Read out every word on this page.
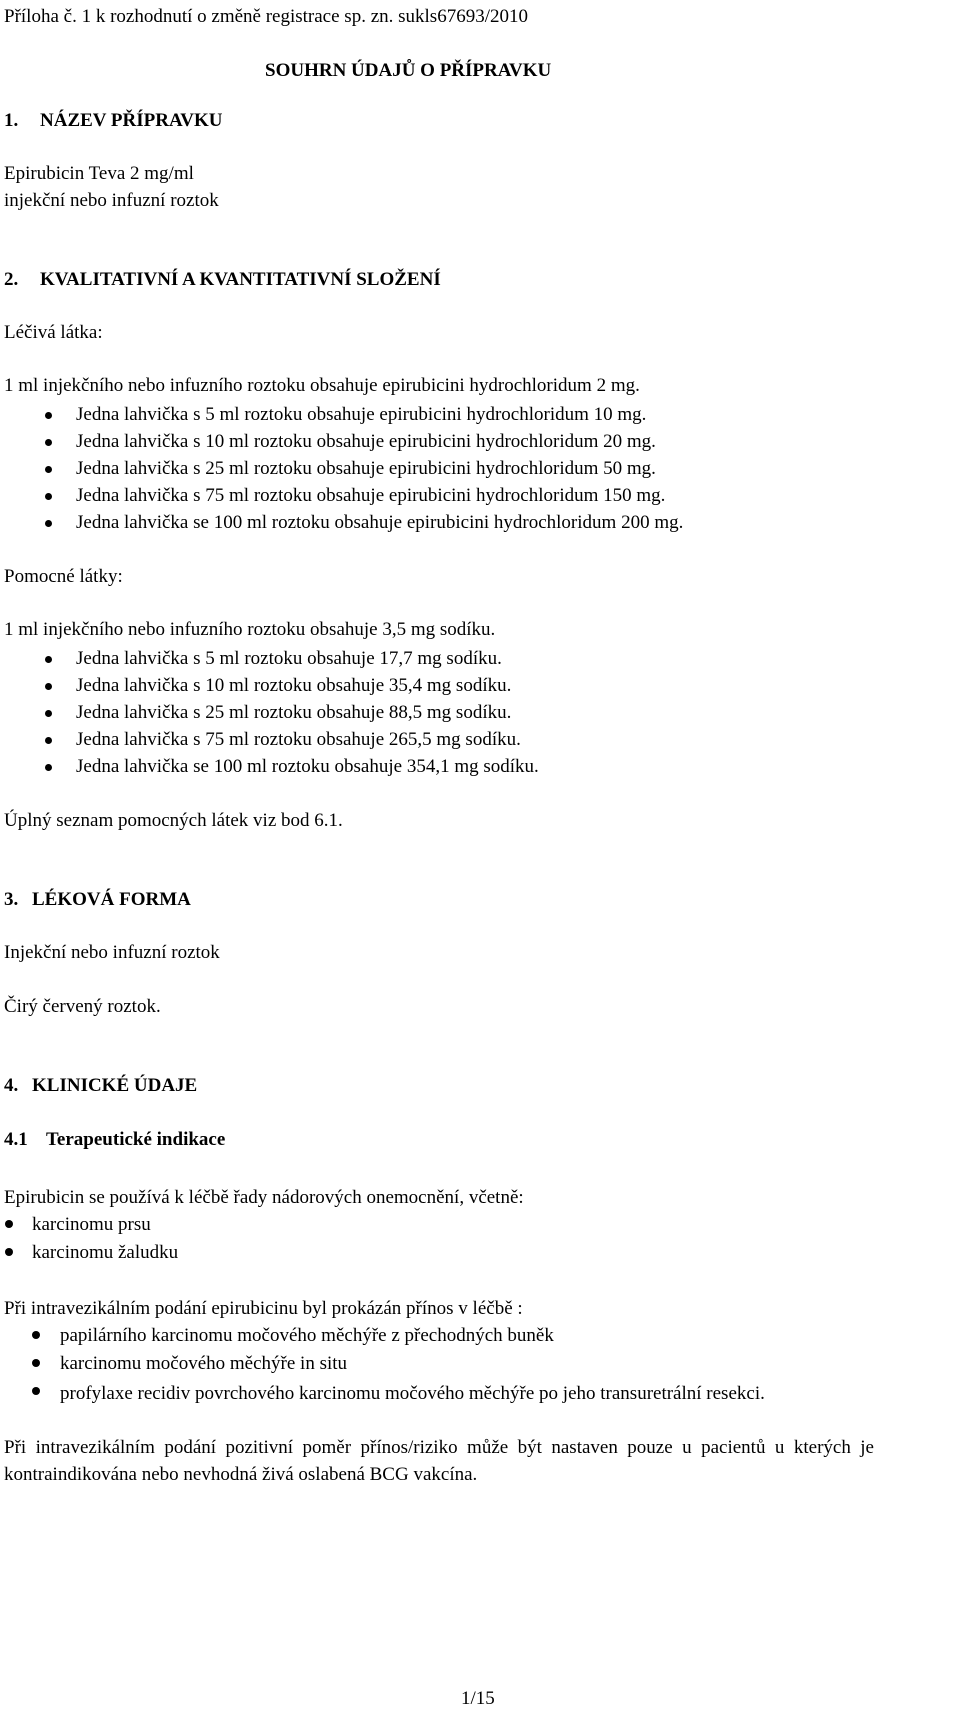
Příloha č. 1 k rozhodnutí o změně registrace sp. zn. sukls67693/2010
SOUHRN ÚDAJŮ O PŘÍPRAVKU
1. NÁZEV PŘÍPRAVKU
Epirubicin Teva 2 mg/ml
injekční nebo infuzní roztok
2. KVALITATIVNÍ A KVANTITATIVNÍ SLOŽENÍ
Léčivá látka:
1 ml injekčního nebo infuzního roztoku obsahuje epirubicini hydrochloridum 2 mg.
Jedna lahvička s 5 ml roztoku obsahuje epirubicini hydrochloridum 10 mg.
Jedna lahvička s 10 ml roztoku obsahuje epirubicini hydrochloridum 20 mg.
Jedna lahvička s 25 ml roztoku obsahuje epirubicini hydrochloridum 50 mg.
Jedna lahvička s 75 ml roztoku obsahuje epirubicini hydrochloridum 150 mg.
Jedna lahvička se 100 ml roztoku obsahuje epirubicini hydrochloridum 200 mg.
Pomocné látky:
1 ml injekčního nebo infuzního roztoku obsahuje 3,5 mg sodíku.
Jedna lahvička s 5 ml roztoku obsahuje 17,7 mg sodíku.
Jedna lahvička s 10 ml roztoku obsahuje 35,4 mg sodíku.
Jedna lahvička s 25 ml roztoku obsahuje 88,5 mg sodíku.
Jedna lahvička s 75 ml roztoku obsahuje 265,5 mg sodíku.
Jedna lahvička se 100 ml roztoku obsahuje 354,1 mg sodíku.
Úplný seznam pomocných látek viz bod 6.1.
3. LÉKOVÁ FORMA
Injekční nebo infuzní roztok
Čirý červený roztok.
4. KLINICKÉ ÚDAJE
4.1 Terapeutické indikace
Epirubicin se používá k léčbě řady nádorových onemocnění, včetně:
karcinomu prsu
karcinomu žaludku
Při intravezikálním podání epirubicinu byl prokázán přínos v léčbě :
papilárního karcinomu močového měchýře z přechodných buněk
karcinomu močového měchýře in situ
profylaxe recidiv povrchového karcinomu močového měchýře po jeho transuretrální resekci.
Při intravezikálním podání pozitivní poměr přínos/riziko může být nastaven pouze u pacientů u kterých je kontraindikována nebo nevhodná živá oslabená BCG vakcína.
1/15
